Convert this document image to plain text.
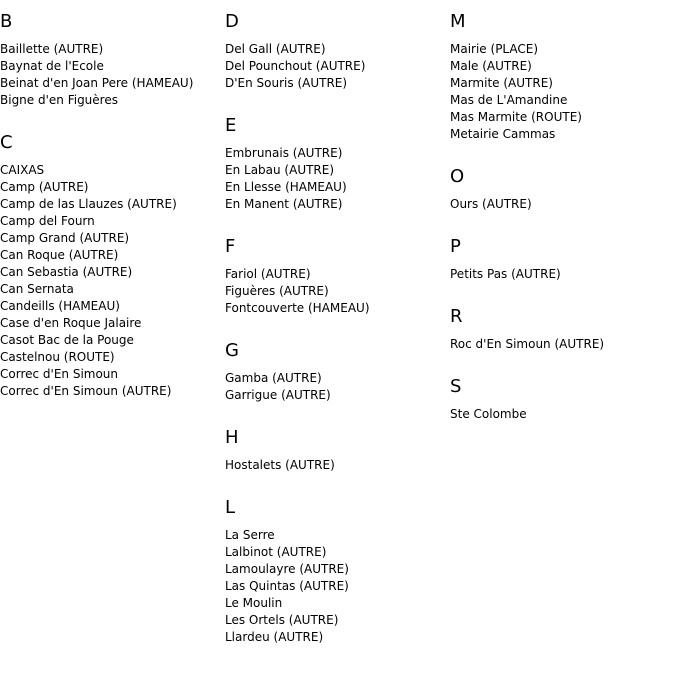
B
Baillette (AUTRE)
Baynat de l'Ecole
Beinat d'en Joan Pere (HAMEAU)
Bigne d'en Figuères
C
CAIXAS
Camp (AUTRE)
Camp de las Llauzes (AUTRE)
Camp del Fourn
Camp Grand (AUTRE)
Can Roque (AUTRE)
Can Sebastia (AUTRE)
Can Sernata
Candeills (HAMEAU)
Case d'en Roque Jalaire
Casot Bac de la Pouge
Castelnou (ROUTE)
Correc d'En Simoun
Correc d'En Simoun (AUTRE)
D
Del Gall (AUTRE)
Del Pounchout (AUTRE)
D'En Souris (AUTRE)
E
Embrunais (AUTRE)
En Labau (AUTRE)
En Llesse (HAMEAU)
En Manent (AUTRE)
F
Fariol (AUTRE)
Figuères (AUTRE)
Fontcouverte (HAMEAU)
G
Gamba (AUTRE)
Garrigue (AUTRE)
H
Hostalets (AUTRE)
L
La Serre
Lalbinot (AUTRE)
Lamoulayre (AUTRE)
Las Quintas (AUTRE)
Le Moulin
Les Ortels (AUTRE)
Llardeu (AUTRE)
M
Mairie (PLACE)
Male (AUTRE)
Marmite (AUTRE)
Mas de L'Amandine
Mas Marmite (ROUTE)
Metairie Cammas
O
Ours (AUTRE)
P
Petits Pas (AUTRE)
R
Roc d'En Simoun (AUTRE)
S
Ste Colombe
